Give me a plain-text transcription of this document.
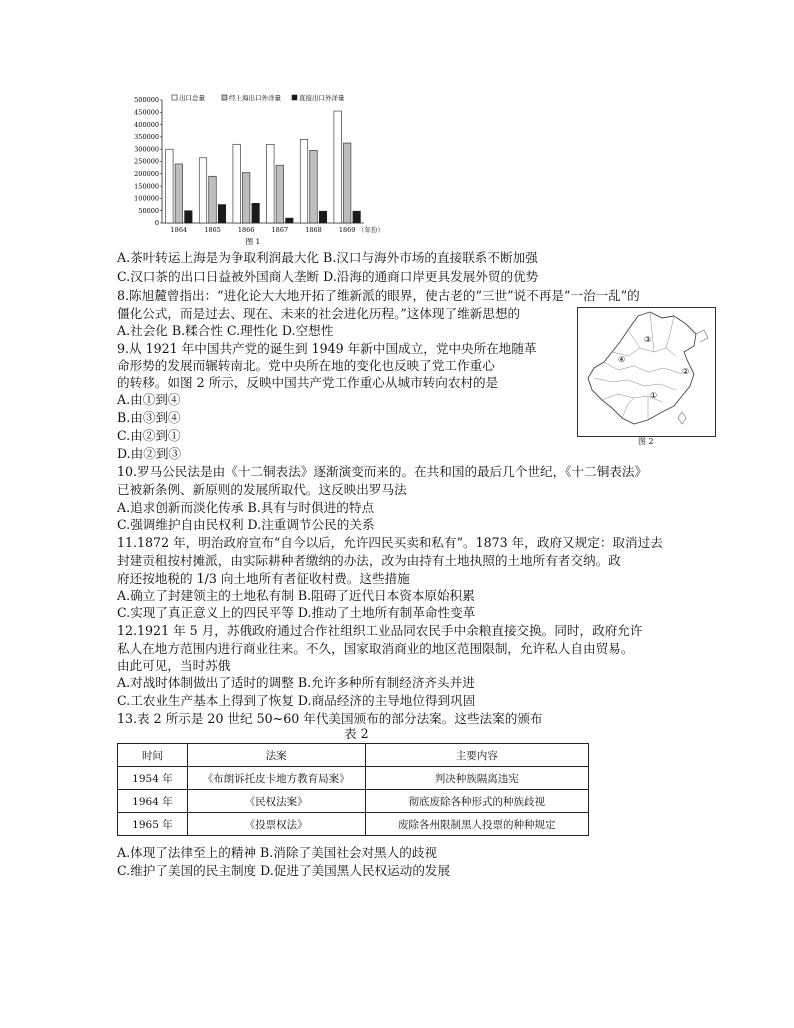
0
50000
100000
150000
200000
250000
300000
350000
400000
450000
500000
1864	1865	1866	1867	1868	1869
出口总量	经上海出口外洋量	直接出口外洋量
（年份）
图 1
A.茶叶转运上海是为争取利润最大化 B.汉口与海外市场的直接联系不断加强
C.汉口茶的出口日益被外国商人垄断 D.沿海的通商口岸更具发展外贸的优势
8.陈旭麓曾指出：“进化论大大地开拓了维新派的眼界，使古老的“三世”说不再是“一治一乱”的
僵化公式，而是过去、现在、未来的社会进化历程。”这体现了维新思想的
A.社会化 B.糅合性 C.理性化 D.空想性
9.从 1921 年中国共产党的诞生到 1949 年新中国成立，党中央所在地随革
命形势的发展而辗转南北。党中央所在地的变化也反映了党工作重心
的转移。如图 2 所示，反映中国共产党工作重心从城市转向农村的是
A.由①到④
B.由③到④
C.由②到①
D.由②到③
③
④
②
①
图 2
10.罗马公民法是由《十二铜表法》逐渐演变而来的。在共和国的最后几个世纪，《十二铜表法》
已被新条例、新原则的发展所取代。这反映出罗马法
A.追求创新而淡化传承 B.具有与时俱进的特点
C.强调维护自由民权利 D.注重调节公民的关系
11.1872 年，明治政府宣布“自今以后，允许四民买卖和私有”。1873 年，政府又规定：取消过去
封建贡租按村摊派，由实际耕种者缴纳的办法，改为由持有土地执照的土地所有者交纳。政
府还按地税的 1/3 向土地所有者征收村费。这些措施
A.确立了封建领主的土地私有制 B.阻碍了近代日本资本原始积累
C.实现了真正意义上的四民平等 D.推动了土地所有制革命性变革
12.1921 年 5 月，苏俄政府通过合作社组织工业品同农民手中余粮直接交换。同时，政府允许
私人在地方范围内进行商业往来。不久，国家取消商业的地区范围限制，允许私人自由贸易。
由此可见，当时苏俄
A.对战时体制做出了适时的调整 B.允许多种所有制经济齐头并进
C.工农业生产基本上得到了恢复 D.商品经济的主导地位得到巩固
13.表 2 所示是 20 世纪 50~60 年代美国颁布的部分法案。这些法案的颁布
表 2
时间	法案	主要内容
1954 年	《布朗诉托皮卡地方教育局案》	判决种族隔离违宪
1964 年	《民权法案》	彻底废除各种形式的种族歧视
1965 年	《投票权法》	废除各州限制黑人投票的种种规定
A.体现了法律至上的精神 B.消除了美国社会对黑人的歧视
C.维护了美国的民主制度 D.促进了美国黑人民权运动的发展
